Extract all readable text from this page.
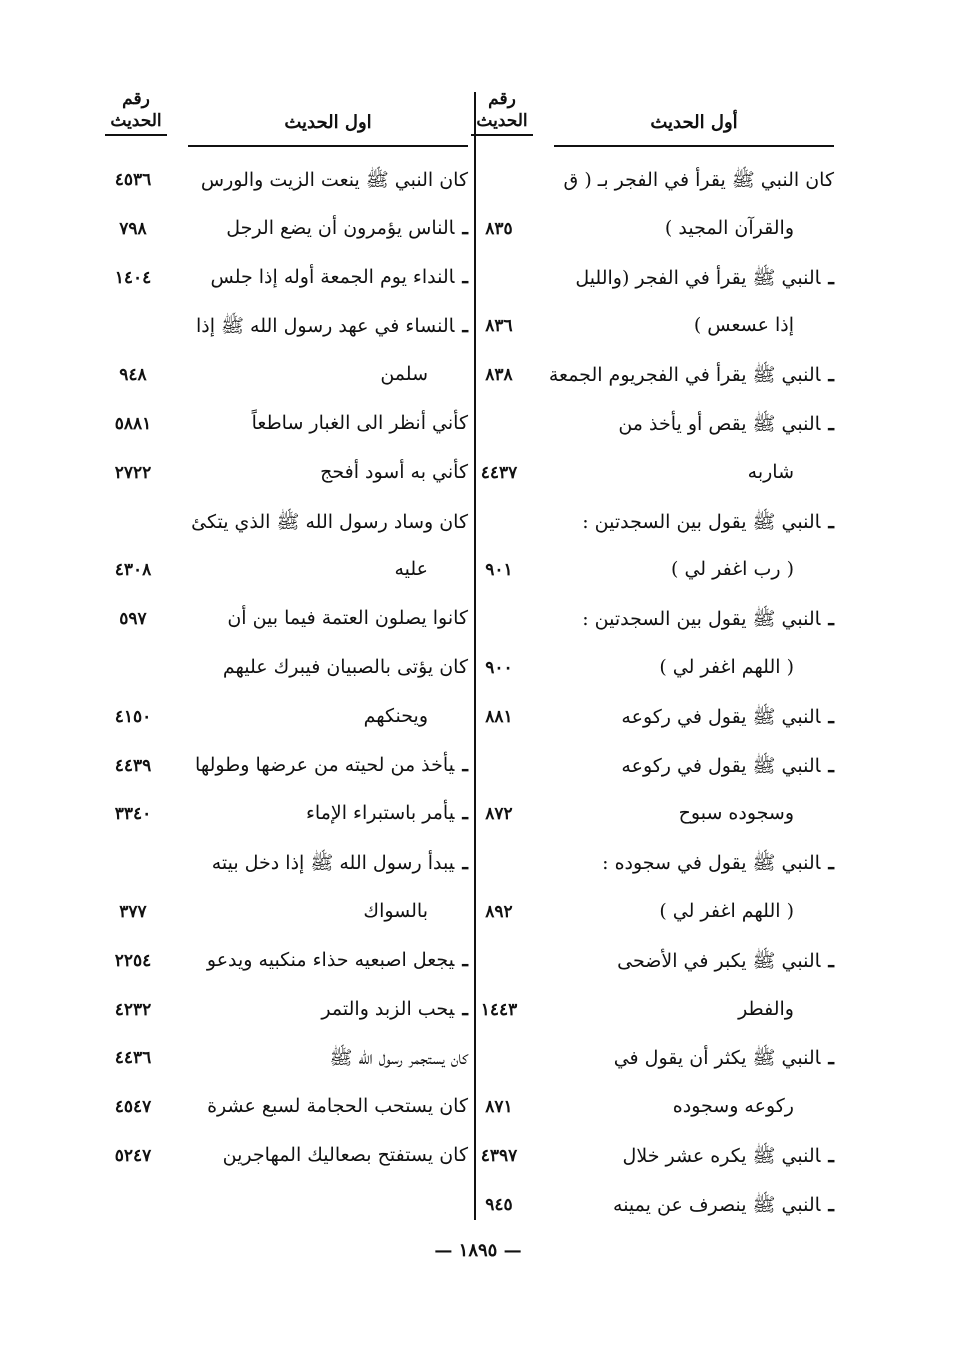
رقم
الحديث	أول الحديث
كان النبي ﷺ يقرأ في الفجر بـ ( ق
والقرآن المجيد )
٨٣٥
ـالنبي ﷺ يقرأ في الفجر (والليل
إذا عسعس )
٨٣٦
ـالنبي ﷺ يقرأ في الفجريوم الجمعة
٨٣٨
ـالنبي ﷺ يقص أو يأخذ من
شاربه
٤٤٣٧
ـالنبي ﷺ يقول بين السجدتين :
( رب اغفر لي )
٩٠١
ـالنبي ﷺ يقول بين السجدتين :
( اللهم اغفر لي )
٩٠٠
ـالنبي ﷺ يقول في ركوعه
٨٨١
ـالنبي ﷺ يقول في ركوعه
وسجوده سبوح
٨٧٢
ـالنبي ﷺ يقول في سجوده :
( اللهم اغفر لي )
٨٩٢
ـالنبي ﷺ يكبر في الأضحى
والفطر
١٤٤٣
ـالنبي ﷺ يكثر أن يقول في
ركوعه وسجوده
٨٧١
ـالنبي ﷺ يكره عشر خلال
٤٣٩٧
ـالنبي ﷺ ينصرف عن يمينه
٩٤٥
رقم
الحديث	اول الحديث
كان النبي ﷺ ينعت الزيت والورس
٤٥٣٦
ـالناس يؤمرون أن يضع الرجل
٧٩٨
ـالنداء يوم الجمعة أوله إذا جلس
١٤٠٤
ـالنساء في عهد رسول الله ﷺ إذا
سلمن
٩٤٨
كأني أنظر الى الغبار ساطعاً
٥٨٨١
كأني به أسود أفحج
٢٧٢٢
كان وساد رسول الله ﷺ الذي يتكئ
عليه
٤٣٠٨
كانوا يصلون العتمة فيما بين أن
٥٩٧
كان يؤتى بالصبيان فيبرك عليهم
ويحنكهم
٤١٥٠
ـيأخذ من لحيته من عرضها وطولها
٤٤٣٩
ـيأمر باستبراء الإماء
٣٣٤٠
ـيبدأ رسول الله ﷺ إذا دخل بيته
بالسواك
٣٧٧
ـيجعل اصبعيه حذاء منكبيه ويدعو
٢٢٥٤
ـيحب الزبد والتمر
٤٢٣٢
كان يستجمر رسول الله ﷺ
٤٤٣٦
كان يستحب الحجامة لسبع عشرة
٤٥٤٧
كان يستفتح بصعاليك المهاجرين
٥٢٤٧
— ١٨٩٥ —
